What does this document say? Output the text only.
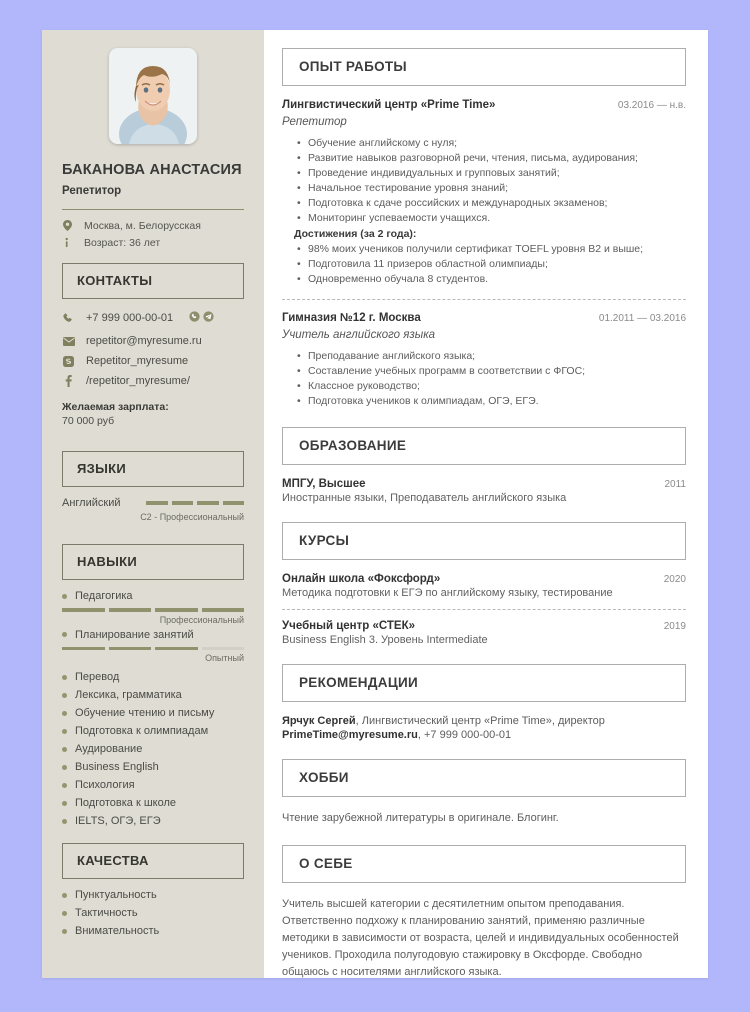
БАКАНОВА АНАСТАСИЯ
Репетитор
Москва, м. Белорусская
Возраст: 36 лет
КОНТАКТЫ
+7 999 000-00-01
repetitor@myresume.ru
Repetitor_myresume
/repetitor_myresume/
Желаемая зарплата:
70 000 руб
ЯЗЫКИ
Английский
C2 - Профессиональный
НАВЫКИ
Педагогика
Профессиональный
Планирование занятий
Опытный
Перевод
Лексика, грамматика
Обучение чтению и письму
Подготовка к олимпиадам
Аудирование
Business English
Психология
Подготовка к школе
IELTS, ОГЭ, ЕГЭ
КАЧЕСТВА
Пунктуальность
Тактичность
Внимательность
ОПЫТ РАБОТЫ
Лингвистический центр «Prime Time»	03.2016 — н.в.
Репетитор
• Обучение английскому с нуля;
• Развитие навыков разговорной речи, чтения, письма, аудирования;
• Проведение индивидуальных и групповых занятий;
• Начальное тестирование уровня знаний;
• Подготовка к сдаче российских и международных экзаменов;
• Мониторинг успеваемости учащихся.
Достижения (за 2 года):
• 98% моих учеников получили сертификат TOEFL уровня B2 и выше;
• Подготовила 11 призеров областной олимпиады;
• Одновременно обучала 8 студентов.
Гимназия №12 г. Москва	01.2011 — 03.2016
Учитель английского языка
• Преподавание английского языка;
• Составление учебных программ в соответствии с ФГОС;
• Классное руководство;
• Подготовка учеников к олимпиадам, ОГЭ, ЕГЭ.
ОБРАЗОВАНИЕ
МПГУ, Высшее	2011
Иностранные языки, Преподаватель английского языка
КУРСЫ
Онлайн школа «Фоксфорд»	2020
Методика подготовки к ЕГЭ по английскому языку, тестирование
Учебный центр «СТЕК»	2019
Business English 3. Уровень Intermediate
РЕКОМЕНДАЦИИ
Ярчук Сергей, Лингвистический центр «Prime Time», директор
PrimeTime@myresume.ru, +7 999 000-00-01
ХОББИ
Чтение зарубежной литературы в оригинале. Блогинг.
О СЕБЕ
Учитель высшей категории с десятилетним опытом преподавания. Ответственно подхожу к планированию занятий, применяю различные методики в зависимости от возраста, целей и индивидуальных особенностей учеников. Проходила полугодовую стажировку в Оксфорде. Свободно общаюсь с носителями английского языка.
